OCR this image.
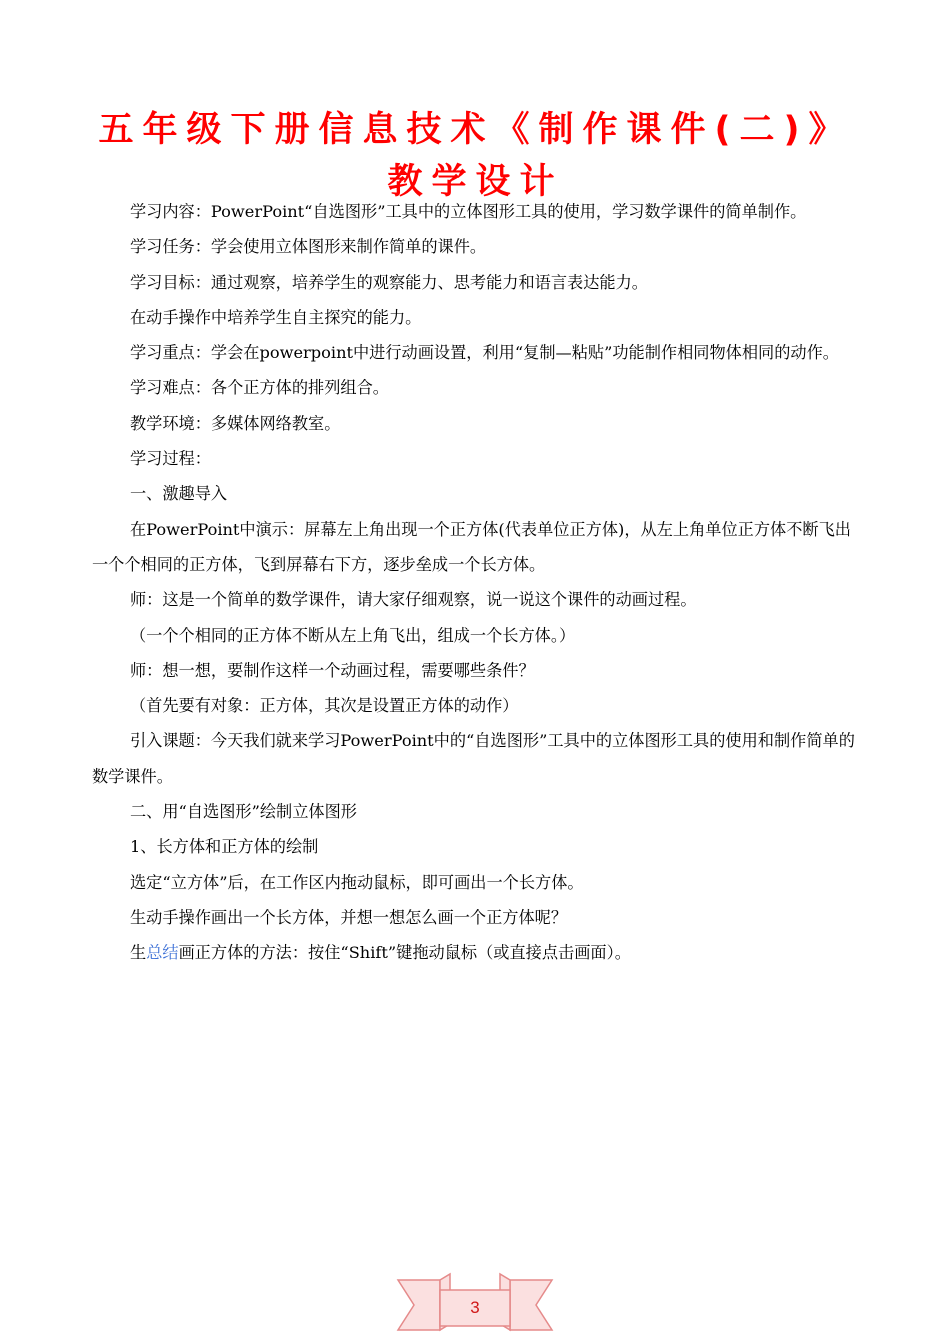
五年级下册信息技术《制作课件(二)》教学设计

学习内容：PowerPoint“自选图形”工具中的立体图形工具的使用，学习数学课件的简单制作。

学习任务：学会使用立体图形来制作简单的课件。

学习目标：通过观察，培养学生的观察能力、思考能力和语言表达能力。

在动手操作中培养学生自主探究的能力。

学习重点：学会在powerpoint中进行动画设置，利用“复制—粘贴”功能制作相同物体相同的动作。

学习难点：各个正方体的排列组合。

教学环境：多媒体网络教室。

学习过程：

一、激趣导入

在PowerPoint中演示：屏幕左上角出现一个正方体(代表单位正方体)，从左上角单位正方体不断飞出一个个相同的正方体，飞到屏幕右下方，逐步垒成一个长方体。

师：这是一个简单的数学课件，请大家仔细观察，说一说这个课件的动画过程。

（一个个相同的正方体不断从左上角飞出，组成一个长方体。）

师：想一想，要制作这样一个动画过程，需要哪些条件？

（首先要有对象：正方体，其次是设置正方体的动作）

引入课题：今天我们就来学习PowerPoint中的“自选图形”工具中的立体图形工具的使用和制作简单的数学课件。

二、用“自选图形”绘制立体图形

1、长方体和正方体的绘制

选定“立方体”后，在工作区内拖动鼠标，即可画出一个长方体。

生动手操作画出一个长方体，并想一想怎么画一个正方体呢？

生总结画正方体的方法：按住“Shift”键拖动鼠标（或直接点击画面）。

3
